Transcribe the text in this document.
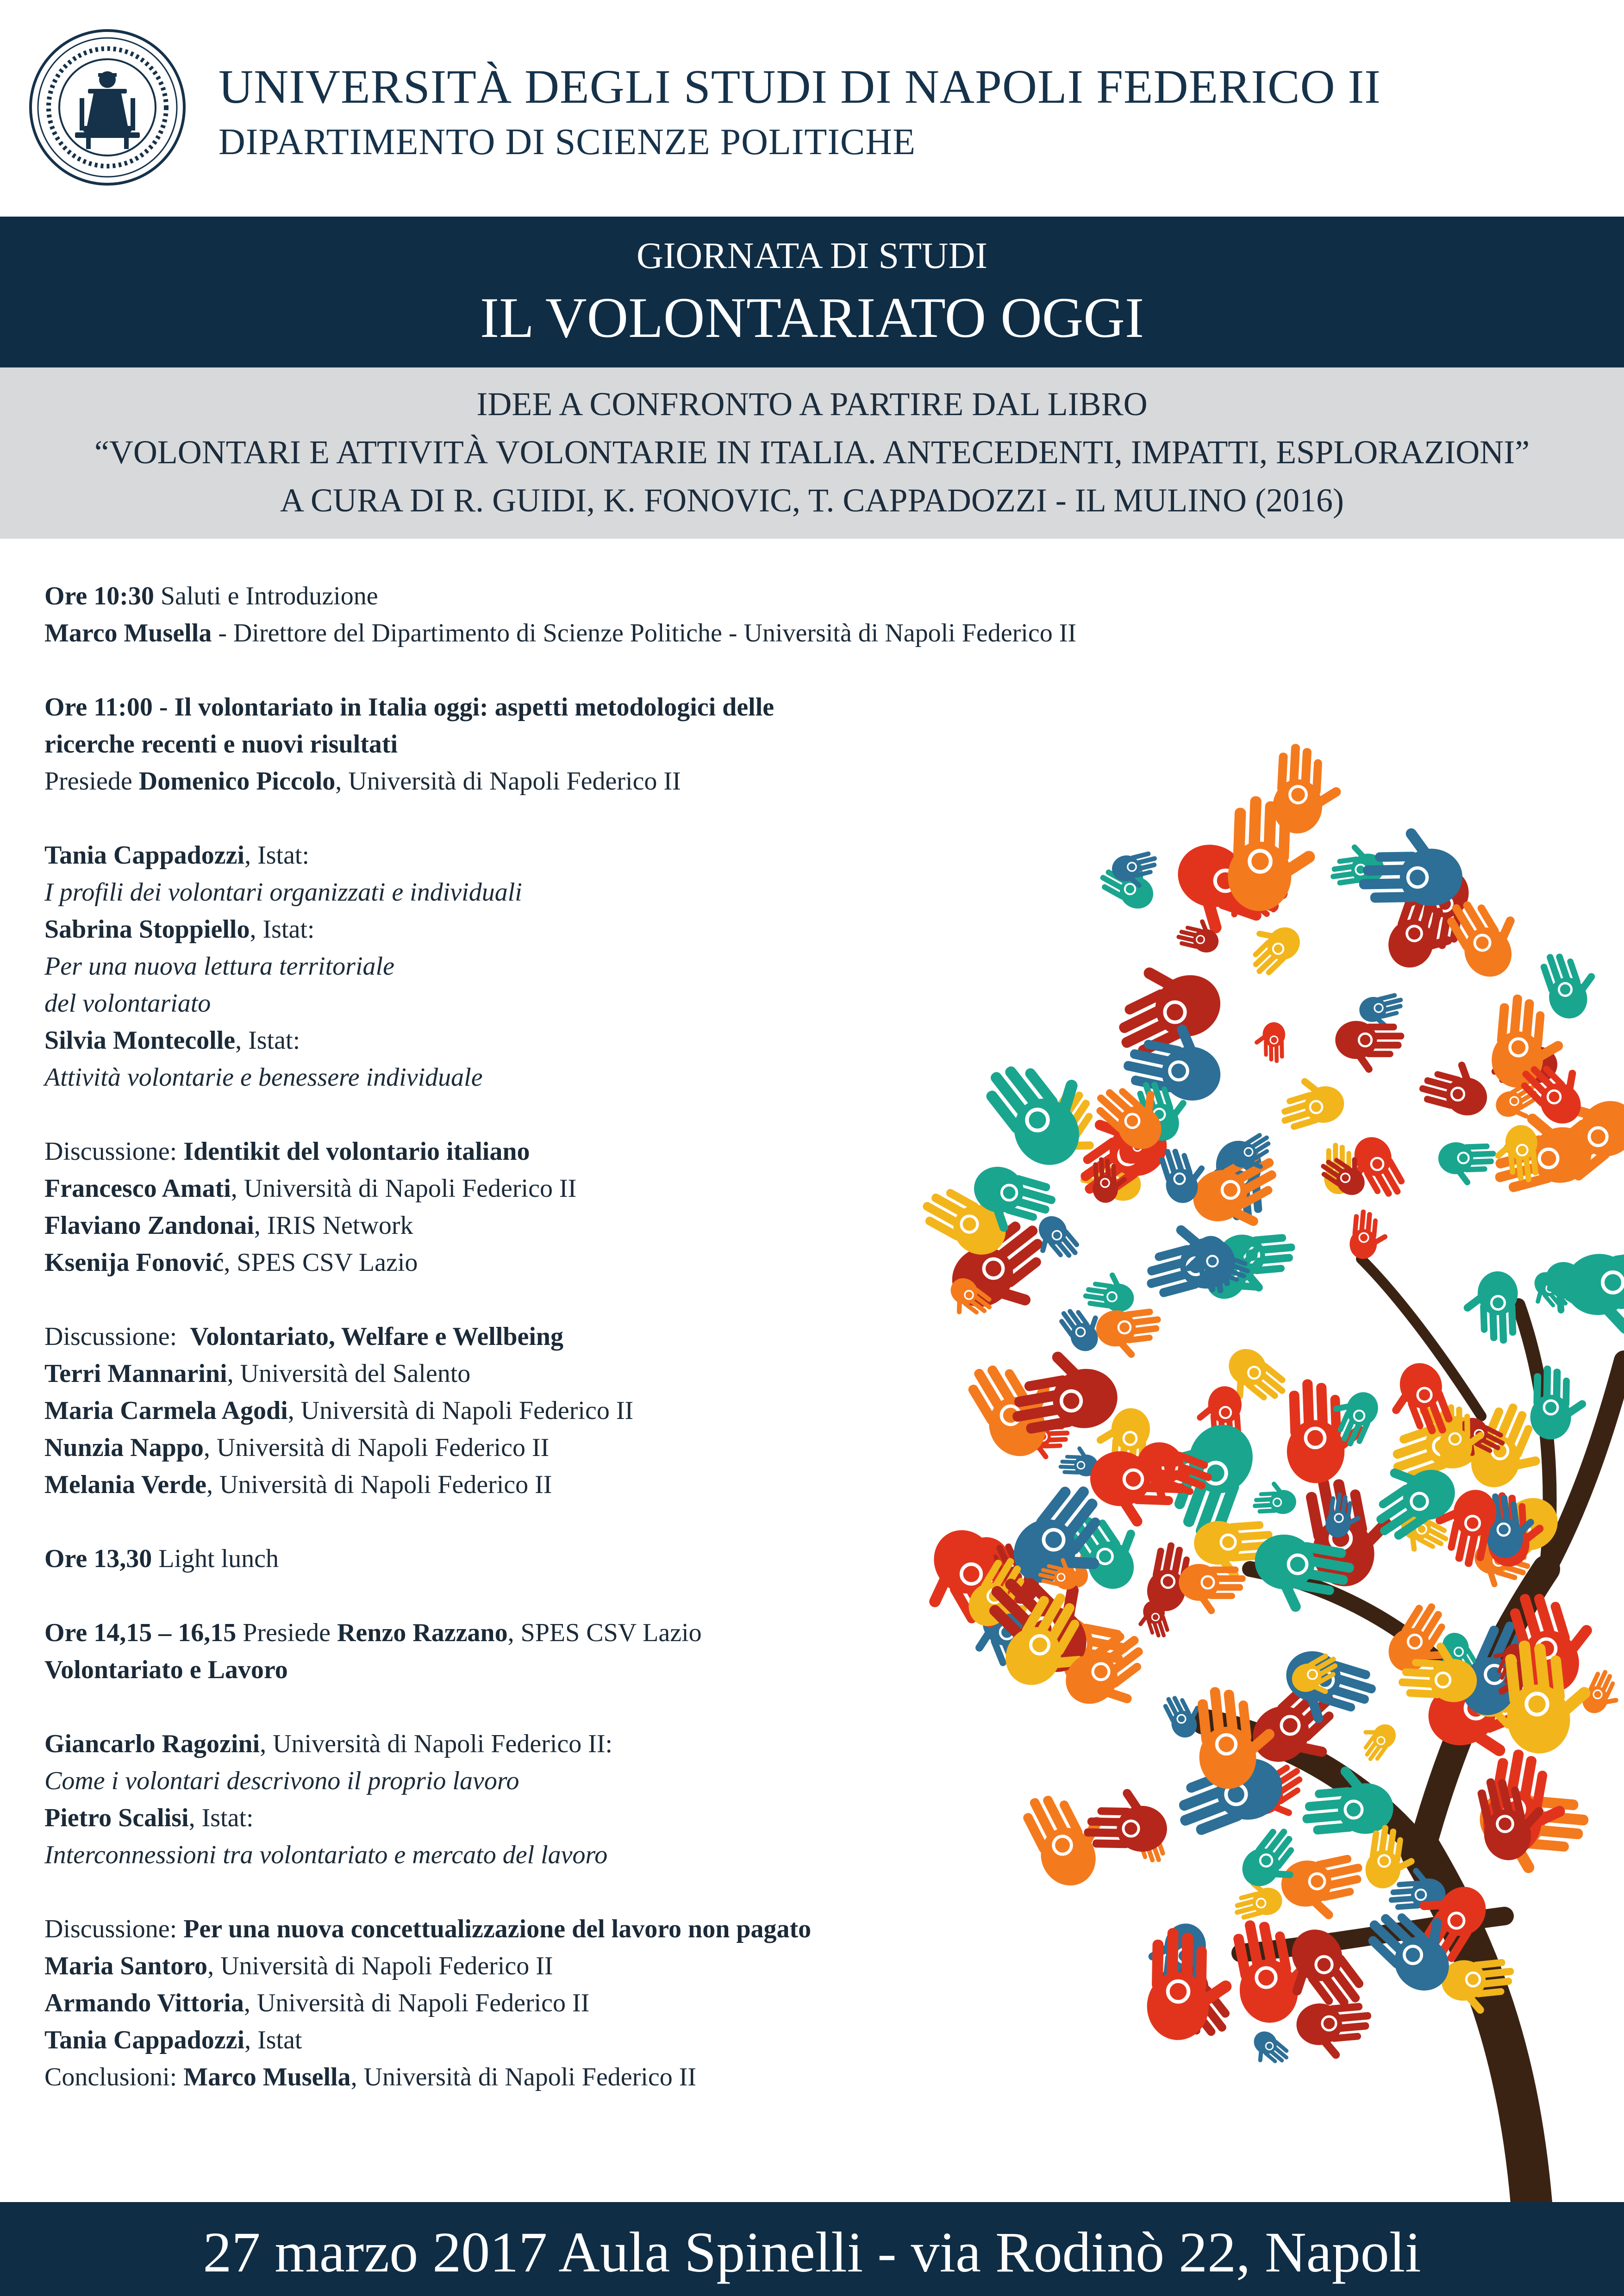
UNIVERSITÀ DEGLI STUDI DI NAPOLI FEDERICO II
DIPARTIMENTO DI SCIENZE POLITICHE
GIORNATA DI STUDI
IL VOLONTARIATO OGGI
IDEE A CONFRONTO A PARTIRE DAL LIBRO
“VOLONTARI E ATTIVITÀ VOLONTARIE IN ITALIA. ANTECEDENTI, IMPATTI, ESPLORAZIONI”
A CURA DI R. GUIDI, K. FONOVIC, T. CAPPADOZZI - IL MULINO (2016)
Ore 10:30 Saluti e Introduzione
Marco Musella - Direttore del Dipartimento di Scienze Politiche - Università di Napoli Federico II
Ore 11:00 - Il volontariato in Italia oggi: aspetti metodologici delle
ricerche recenti e nuovi risultati
Presiede Domenico Piccolo, Università di Napoli Federico II
Tania Cappadozzi, Istat:
I profili dei volontari organizzati e individuali
Sabrina Stoppiello, Istat:
Per una nuova lettura territoriale
del volontariato
Silvia Montecolle, Istat:
Attività volontarie e benessere individuale
Discussione: Identikit del volontario italiano
Francesco Amati, Università di Napoli Federico II
Flaviano Zandonai, IRIS Network
Ksenija Fonović, SPES CSV Lazio
Discussione:  Volontariato, Welfare e Wellbeing
Terri Mannarini, Università del Salento
Maria Carmela Agodi, Università di Napoli Federico II
Nunzia Nappo, Università di Napoli Federico II
Melania Verde, Università di Napoli Federico II
Ore 13,30 Light lunch
Ore 14,15 – 16,15 Presiede Renzo Razzano, SPES CSV Lazio
Volontariato e Lavoro
Giancarlo Ragozini, Università di Napoli Federico II:
Come i volontari descrivono il proprio lavoro
Pietro Scalisi, Istat:
Interconnessioni tra volontariato e mercato del lavoro
Discussione: Per una nuova concettualizzazione del lavoro non pagato
Maria Santoro, Università di Napoli Federico II
Armando Vittoria, Università di Napoli Federico II
Tania Cappadozzi, Istat
Conclusioni: Marco Musella, Università di Napoli Federico II
27 marzo 2017 Aula Spinelli - via Rodinò 22, Napoli
